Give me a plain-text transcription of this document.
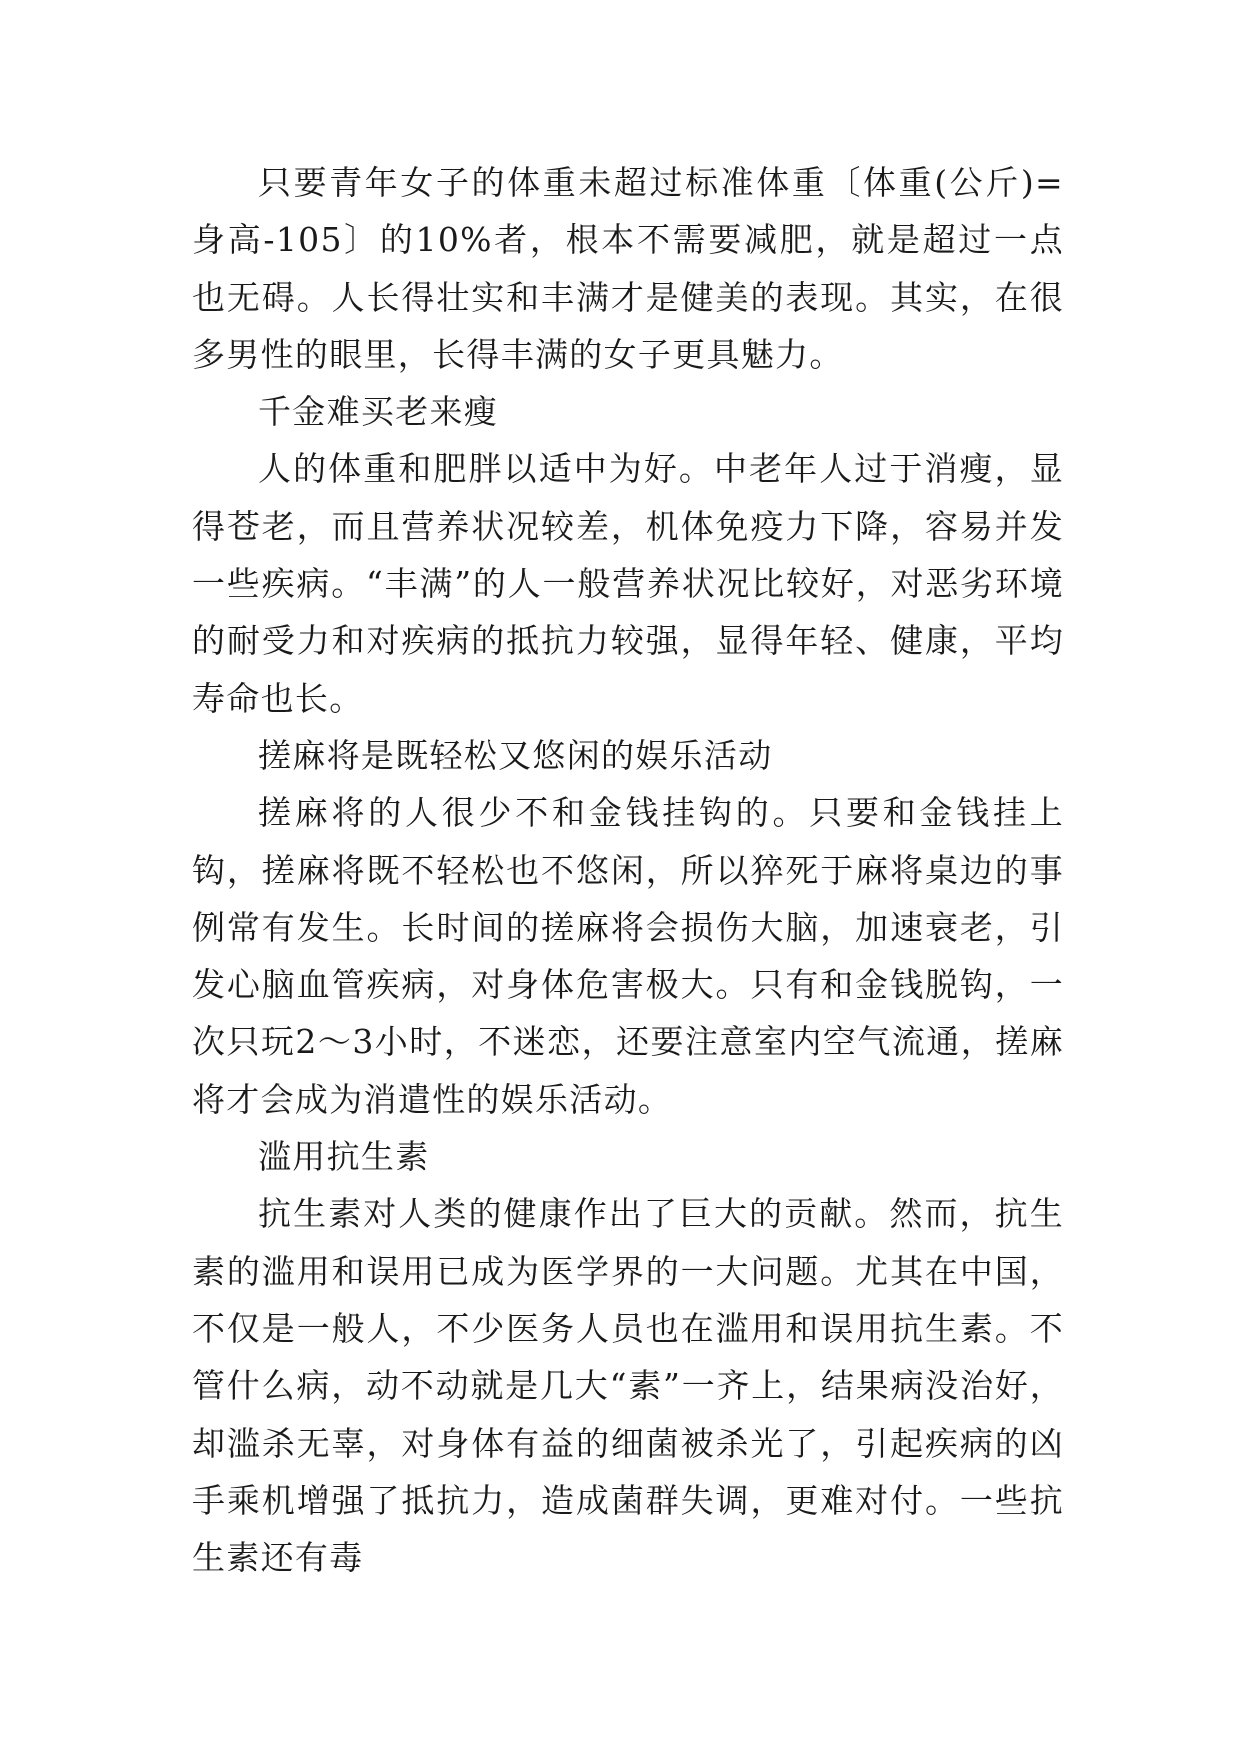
只要青年女子的体重未超过标准体重〔体重(公斤)=身高-105〕的10%者，根本不需要减肥，就是超过一点也无碍。人长得壮实和丰满才是健美的表现。其实，在很多男性的眼里，长得丰满的女子更具魅力。

千金难买老来瘦

人的体重和肥胖以适中为好。中老年人过于消瘦，显得苍老，而且营养状况较差，机体免疫力下降，容易并发一些疾病。“丰满”的人一般营养状况比较好，对恶劣环境的耐受力和对疾病的抵抗力较强，显得年轻、健康，平均寿命也长。

搓麻将是既轻松又悠闲的娱乐活动

搓麻将的人很少不和金钱挂钩的。只要和金钱挂上钩，搓麻将既不轻松也不悠闲，所以猝死于麻将桌边的事例常有发生。长时间的搓麻将会损伤大脑，加速衰老，引发心脑血管疾病，对身体危害极大。只有和金钱脱钩，一次只玩2～3小时，不迷恋，还要注意室内空气流通，搓麻将才会成为消遣性的娱乐活动。

滥用抗生素

抗生素对人类的健康作出了巨大的贡献。然而，抗生素的滥用和误用已成为医学界的一大问题。尤其在中国，不仅是一般人，不少医务人员也在滥用和误用抗生素。不管什么病，动不动就是几大“素”一齐上，结果病没治好，却滥杀无辜，对身体有益的细菌被杀光了，引起疾病的凶手乘机增强了抵抗力，造成菌群失调，更难对付。一些抗生素还有毒
